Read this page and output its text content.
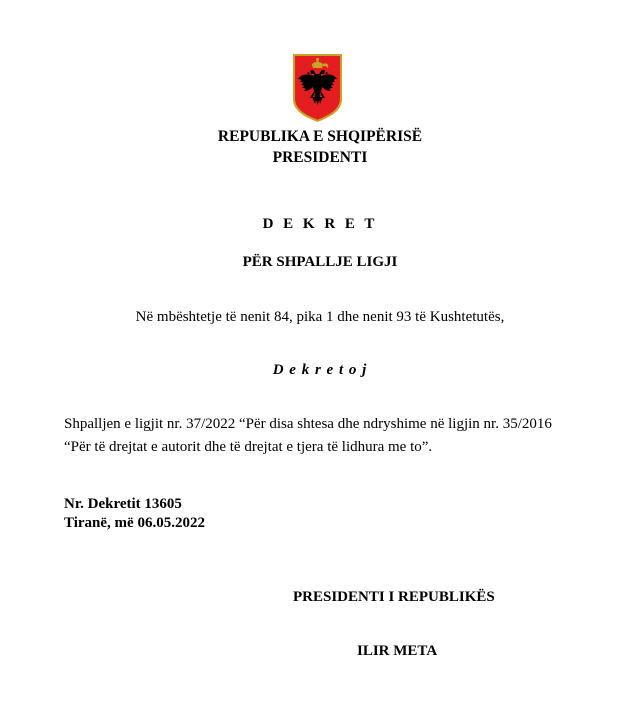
REPUBLIKA E SHQIPËRISË
PRESIDENTI
D E K R E T
PËR SHPALLJE LIGJI
Në mbështetje të nenit 84, pika 1 dhe nenit 93 të Kushtetutës,
D e k r e t o j
Shpalljen e ligjit nr. 37/2022 “Për disa shtesa dhe ndryshime në ligjin nr. 35/2016
“Për të drejtat e autorit dhe të drejtat e tjera të lidhura me to”.
Nr. Dekretit 13605
Tiranë, më 06.05.2022
PRESIDENTI I REPUBLIKËS
ILIR META
